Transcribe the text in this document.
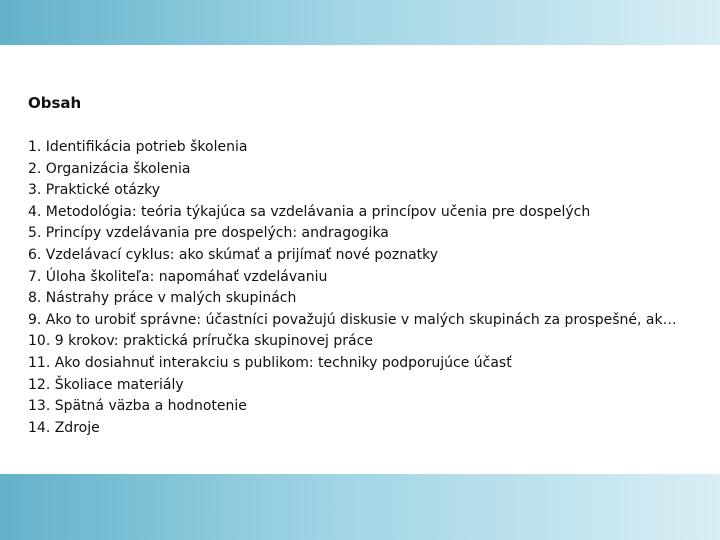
Obsah
1. Identifikácia potrieb školenia
2. Organizácia školenia
3. Praktické otázky
4. Metodológia: teória týkajúca sa vzdelávania a princípov učenia pre dospelých
5. Princípy vzdelávania pre dospelých: andragogika
6. Vzdelávací cyklus: ako skúmať a prijímať nové poznatky
7. Úloha školiteľa: napomáhať vzdelávaniu
8. Nástrahy práce v malých skupinách
9. Ako to urobiť správne: účastníci považujú diskusie v malých skupinách za prospešné, ak…
10. 9 krokov: praktická príručka skupinovej práce
11. Ako dosiahnuť interakciu s publikom: techniky podporujúce účasť
12. Školiace materiály
13. Spätná väzba a hodnotenie
14. Zdroje
